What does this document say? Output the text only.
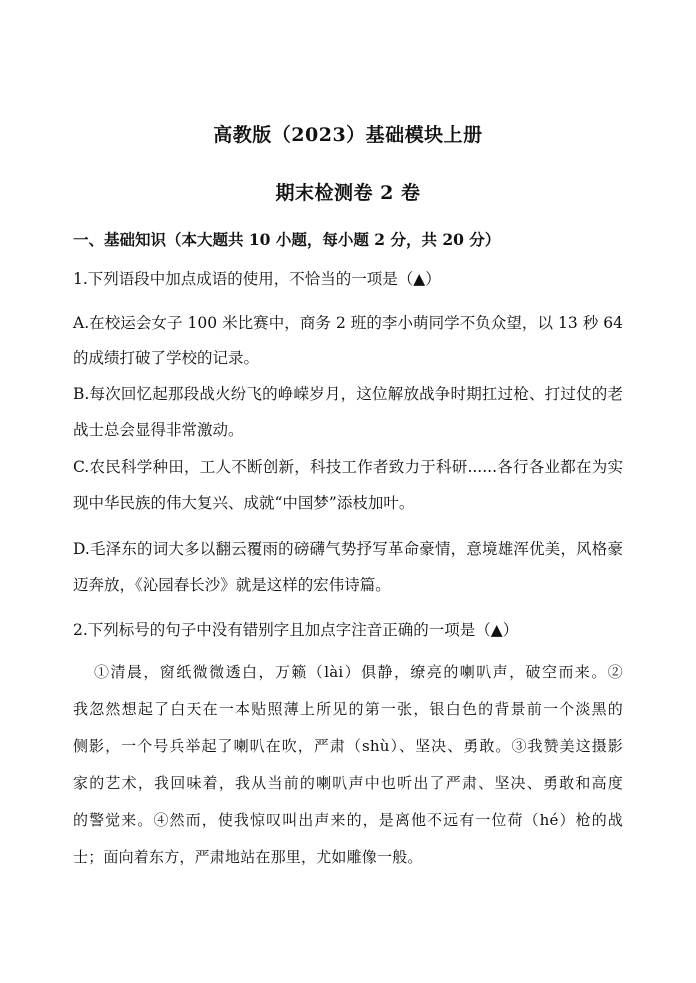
高教版（2023）基础模块上册
期末检测卷 2 卷
一、基础知识（本大题共 10 小题，每小题 2 分，共 20 分）
1.下列语段中加点成语的使用，不恰当的一项是（▲）
A.在校运会女子 100 米比赛中，商务 2 班的李小萌同学不负众望，以 13 秒 64
的成绩打破了学校的记录。
B.每次回忆起那段战火纷飞的峥嵘岁月，这位解放战争时期扛过枪、打过仗的老
战士总会显得非常激动。
C.农民科学种田，工人不断创新，科技工作者致力于科研......各行各业都在为实
现中华民族的伟大复兴、成就“中国梦”添枝加叶。
D.毛泽东的词大多以翻云覆雨的磅礴气势抒写革命豪情，意境雄浑优美，风格豪
迈奔放，《沁园春长沙》就是这样的宏伟诗篇。
2.下列标号的句子中没有错别字且加点字注音正确的一项是（▲）
①清晨，窗纸微微透白，万籁（lài）俱静，缭亮的喇叭声，破空而来。②
我忽然想起了白天在一本贴照薄上所见的第一张，银白色的背景前一个淡黑的
侧影，一个号兵举起了喇叭在吹，严肃（shù）、坚决、勇敢。③我赞美这摄影
家的艺术，我回味着，我从当前的喇叭声中也听出了严肃、坚决、勇敢和高度
的警觉来。④然而，使我惊叹叫出声来的，是离他不远有一位荷（hé）枪的战
士；面向着东方，严肃地站在那里，尤如雕像一般。
